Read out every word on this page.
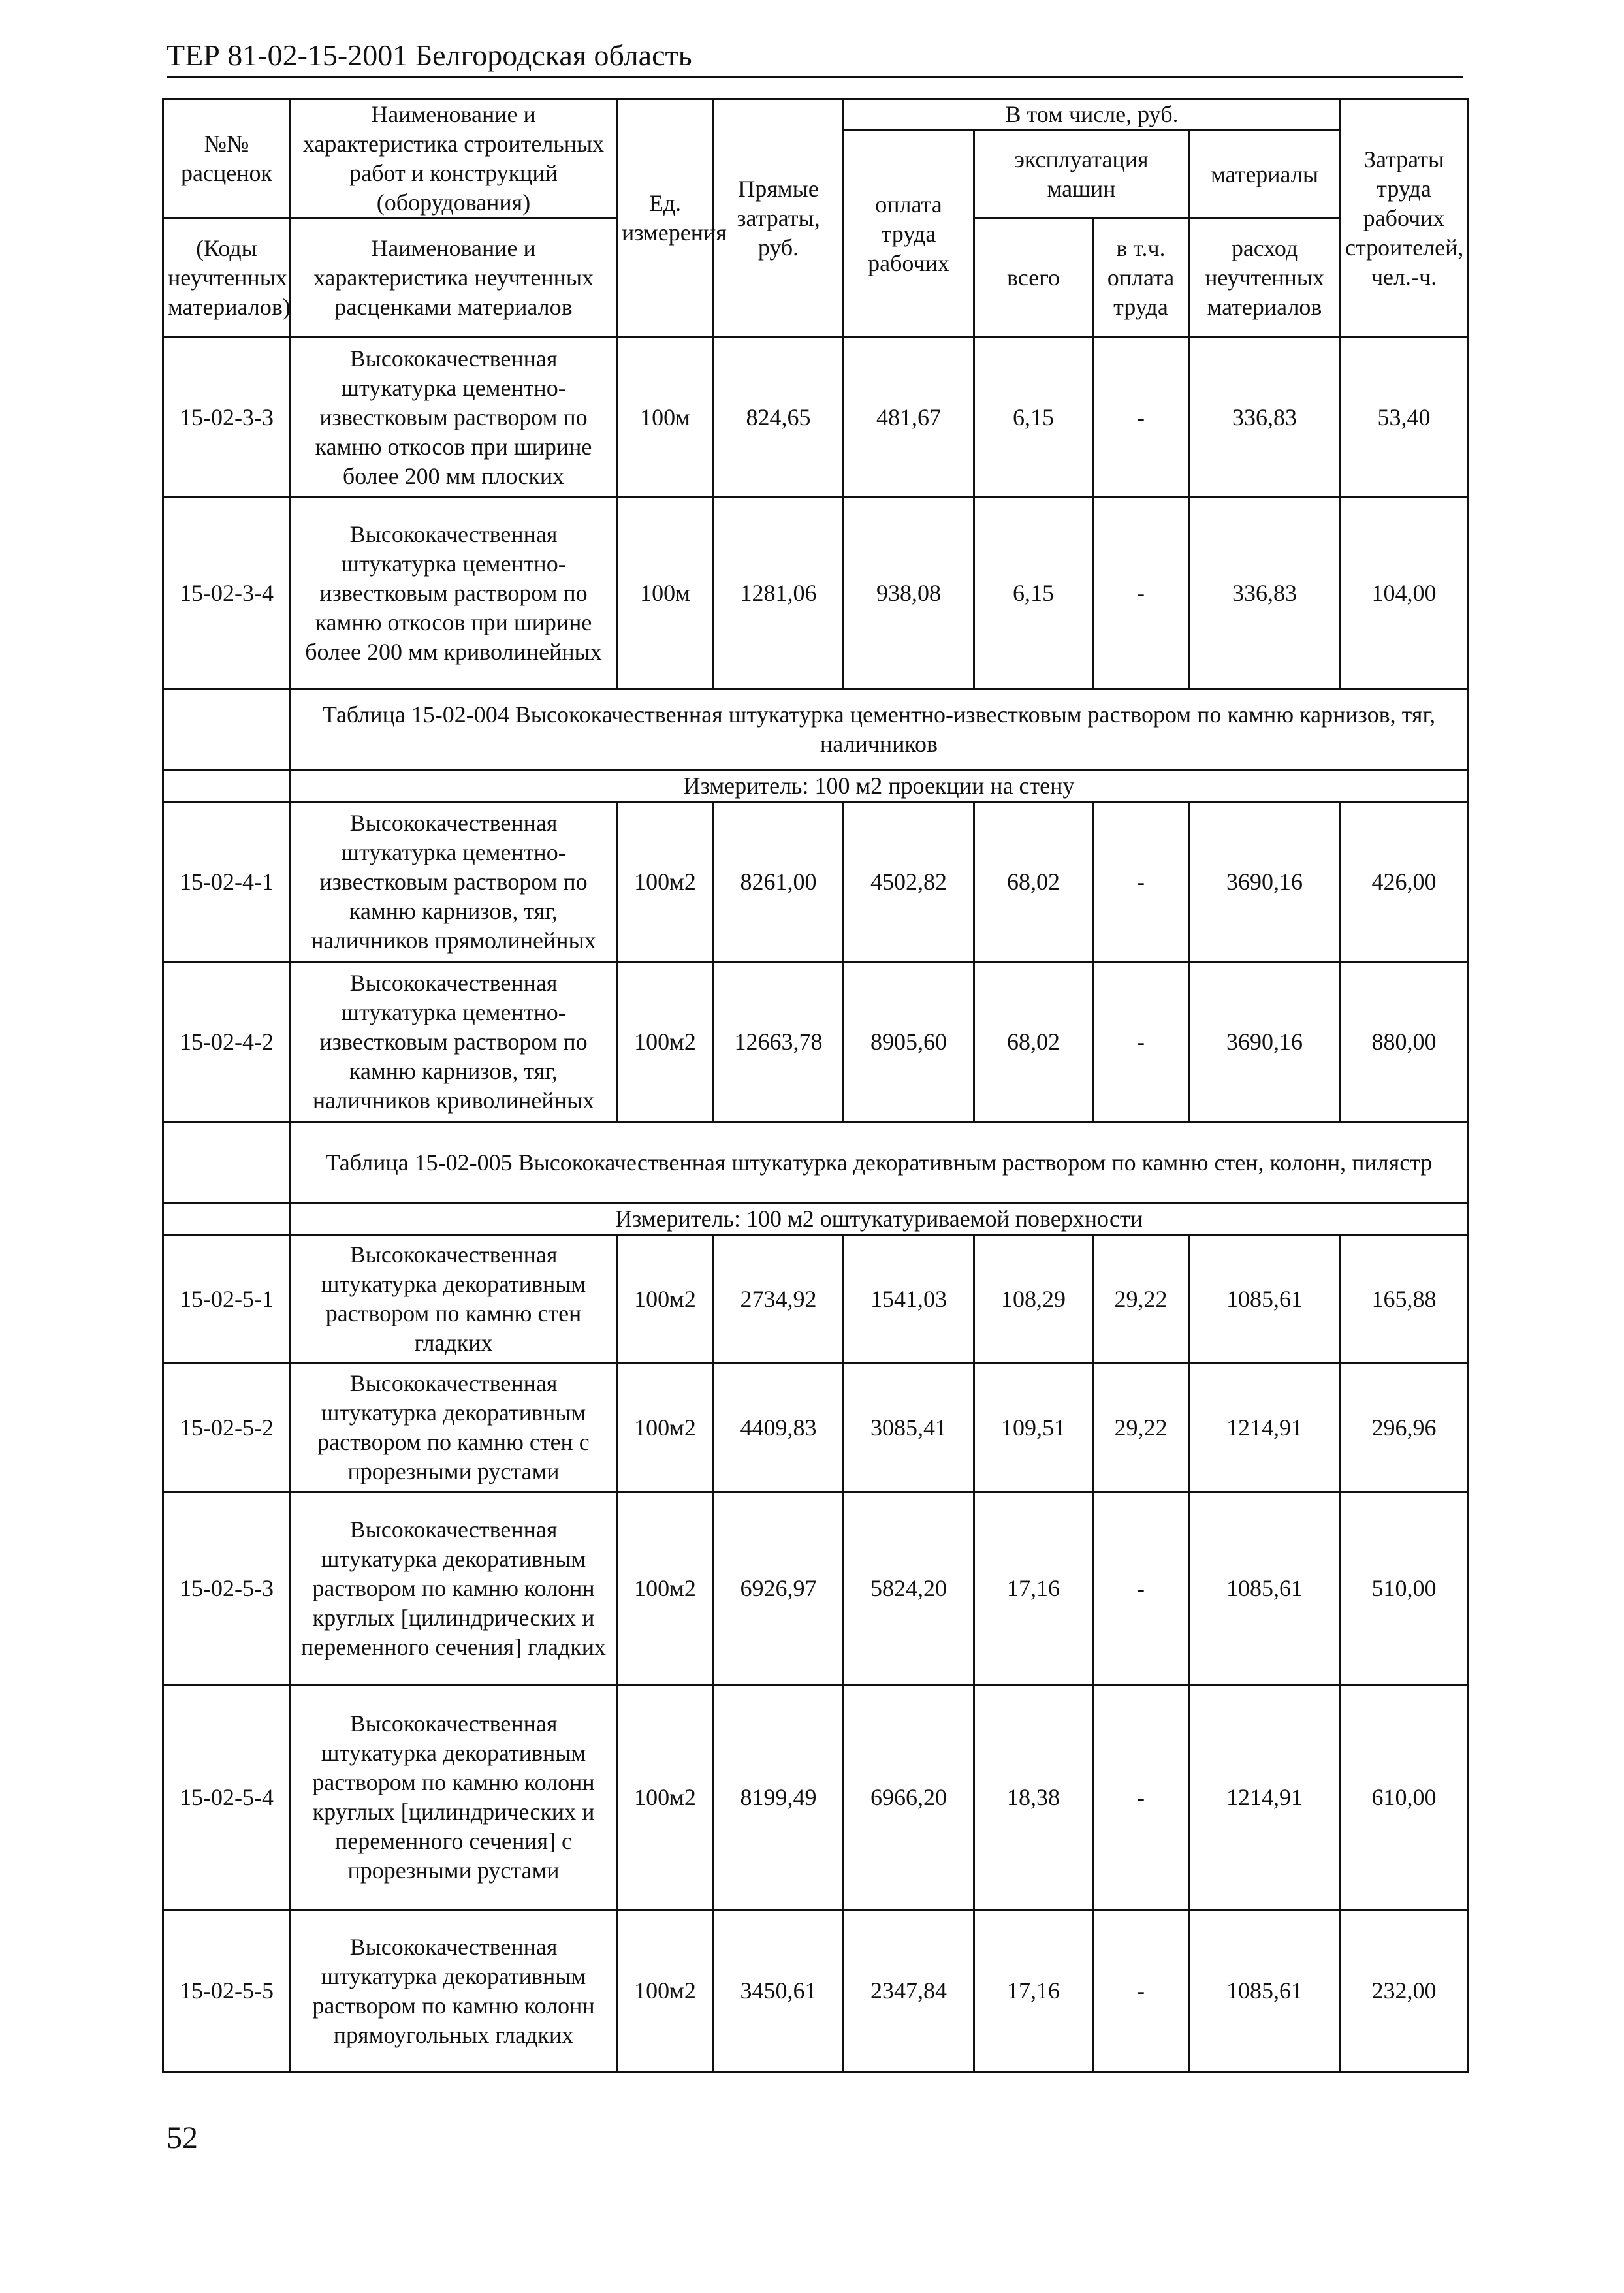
ТЕР 81-02-15-2001 Белгородская область
№№ расценок	Наименование и характеристика строительных работ и конструкций (оборудования)	Ед. измерения	Прямые затраты, руб.	В том числе, руб.				Затраты труда рабочих строителей, чел.-ч.
				оплата труда рабочих	эксплуатация машин		материалы	

(Коды неучтенных материалов)	Наименование и характеристика неучтенных расценками материалов				всего	в т.ч. оплата труда	расход неучтенных материалов	

15-02-3-3	Высококачественная штукатурка цементно-известковым раствором по камню откосов при ширине более 200 мм плоских	100м	824,65	481,67	6,15	-	336,83	53,40
15-02-3-4	Высококачественная штукатурка цементно-известковым раствором по камню откосов при ширине более 200 мм криволинейных	100м	1281,06	938,08	6,15	-	336,83	104,00
	Таблица 15-02-004 Высококачественная штукатурка цементно-известковым раствором по камню карнизов, тяг, наличников							
	Измеритель: 100 м2 проекции на стену							
15-02-4-1	Высококачественная штукатурка цементно-известковым раствором по камню карнизов, тяг, наличников прямолинейных	100м2	8261,00	4502,82	68,02	-	3690,16	426,00
15-02-4-2	Высококачественная штукатурка цементно-известковым раствором по камню карнизов, тяг, наличников криволинейных	100м2	12663,78	8905,60	68,02	-	3690,16	880,00
	Таблица 15-02-005 Высококачественная штукатурка декоративным раствором по камню стен, колонн, пилястр							
	Измеритель: 100 м2 оштукатуриваемой поверхности							
15-02-5-1	Высококачественная штукатурка декоративным раствором по камню стен гладких	100м2	2734,92	1541,03	108,29	29,22	1085,61	165,88
15-02-5-2	Высококачественная штукатурка декоративным раствором по камню стен с прорезными рустами	100м2	4409,83	3085,41	109,51	29,22	1214,91	296,96
15-02-5-3	Высококачественная штукатурка декоративным раствором по камню колонн круглых [цилиндрических и переменного сечения] гладких	100м2	6926,97	5824,20	17,16	-	1085,61	510,00
15-02-5-4	Высококачественная штукатурка декоративным раствором по камню колонн круглых [цилиндрических и переменного сечения] с прорезными рустами	100м2	8199,49	6966,20	18,38	-	1214,91	610,00
15-02-5-5	Высококачественная штукатурка декоративным раствором по камню колонн прямоугольных гладких	100м2	3450,61	2347,84	17,16	-	1085,61	232,00
52
